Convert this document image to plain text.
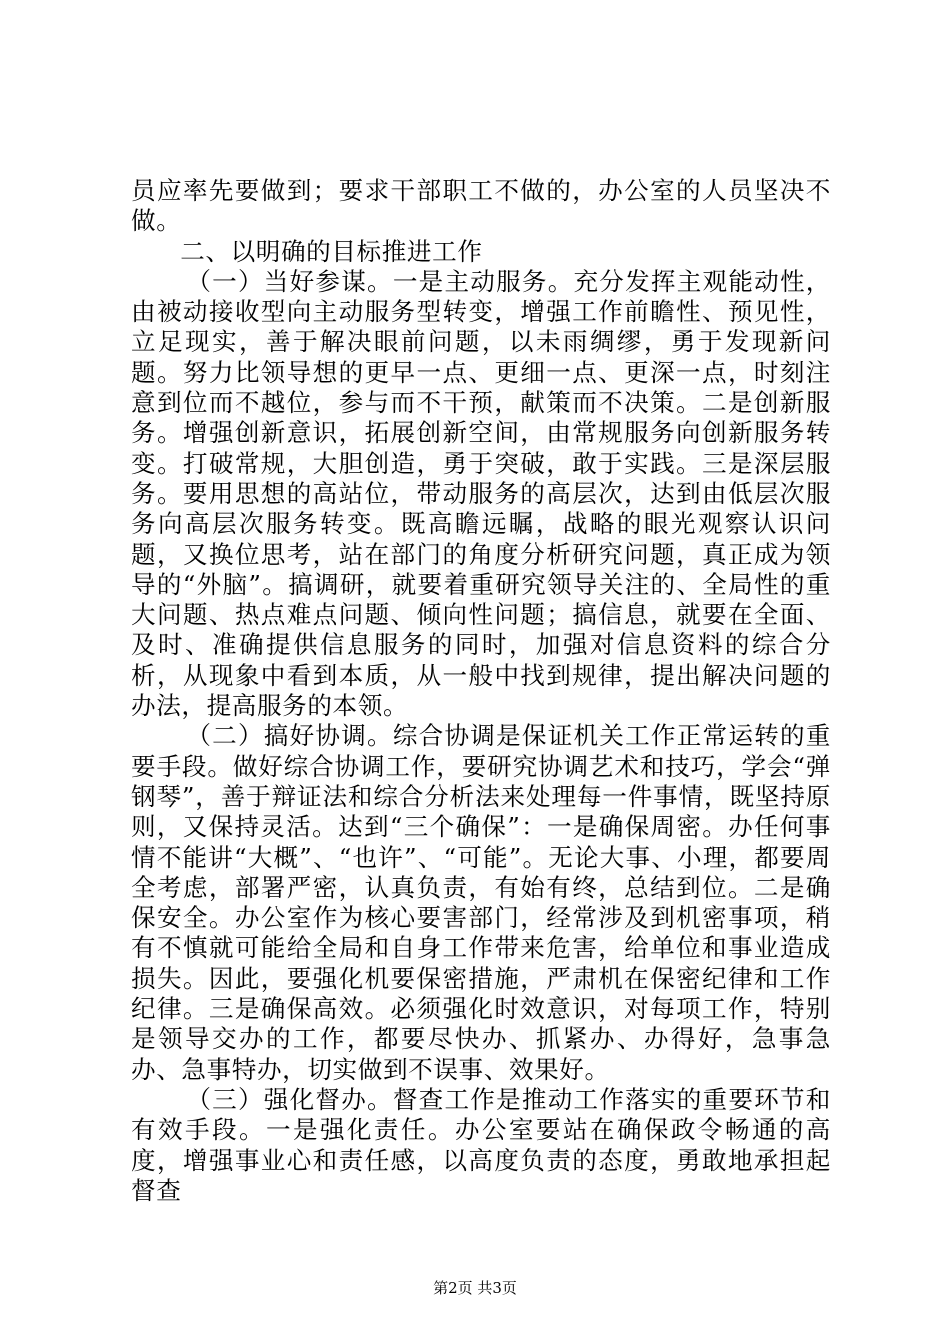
员应率先要做到；要求干部职工不做的，办公室的人员坚决不做。

二、以明确的目标推进工作

（一）当好参谋。一是主动服务。充分发挥主观能动性，由被动接收型向主动服务型转变，增强工作前瞻性、预见性，立足现实，善于解决眼前问题，以未雨绸缪，勇于发现新问题。努力比领导想的更早一点、更细一点、更深一点，时刻注意到位而不越位，参与而不干预，献策而不决策。二是创新服务。增强创新意识，拓展创新空间，由常规服务向创新服务转变。打破常规，大胆创造，勇于突破，敢于实践。三是深层服务。要用思想的高站位，带动服务的高层次，达到由低层次服务向高层次服务转变。既高瞻远瞩，战略的眼光观察认识问题，又换位思考，站在部门的角度分析研究问题，真正成为领导的“外脑”。搞调研，就要着重研究领导关注的、全局性的重大问题、热点难点问题、倾向性问题；搞信息，就要在全面、及时、准确提供信息服务的同时，加强对信息资料的综合分析，从现象中看到本质，从一般中找到规律，提出解决问题的办法，提高服务的本领。

（二）搞好协调。综合协调是保证机关工作正常运转的重要手段。做好综合协调工作，要研究协调艺术和技巧，学会“弹钢琴”，善于辩证法和综合分析法来处理每一件事情，既坚持原则，又保持灵活。达到“三个确保”：一是确保周密。办任何事情不能讲“大概”、“也许”、“可能”。无论大事、小理，都要周全考虑，部署严密，认真负责，有始有终，总结到位。二是确保安全。办公室作为核心要害部门，经常涉及到机密事项，稍有不慎就可能给全局和自身工作带来危害，给单位和事业造成损失。因此，要强化机要保密措施，严肃机在保密纪律和工作纪律。三是确保高效。必须强化时效意识，对每项工作，特别是领导交办的工作，都要尽快办、抓紧办、办得好，急事急办、急事特办，切实做到不误事、效果好。

（三）强化督办。督查工作是推动工作落实的重要环节和有效手段。一是强化责任。办公室要站在确保政令畅通的高度，增强事业心和责任感，以高度负责的态度，勇敢地承担起督查

第2页 共3页
